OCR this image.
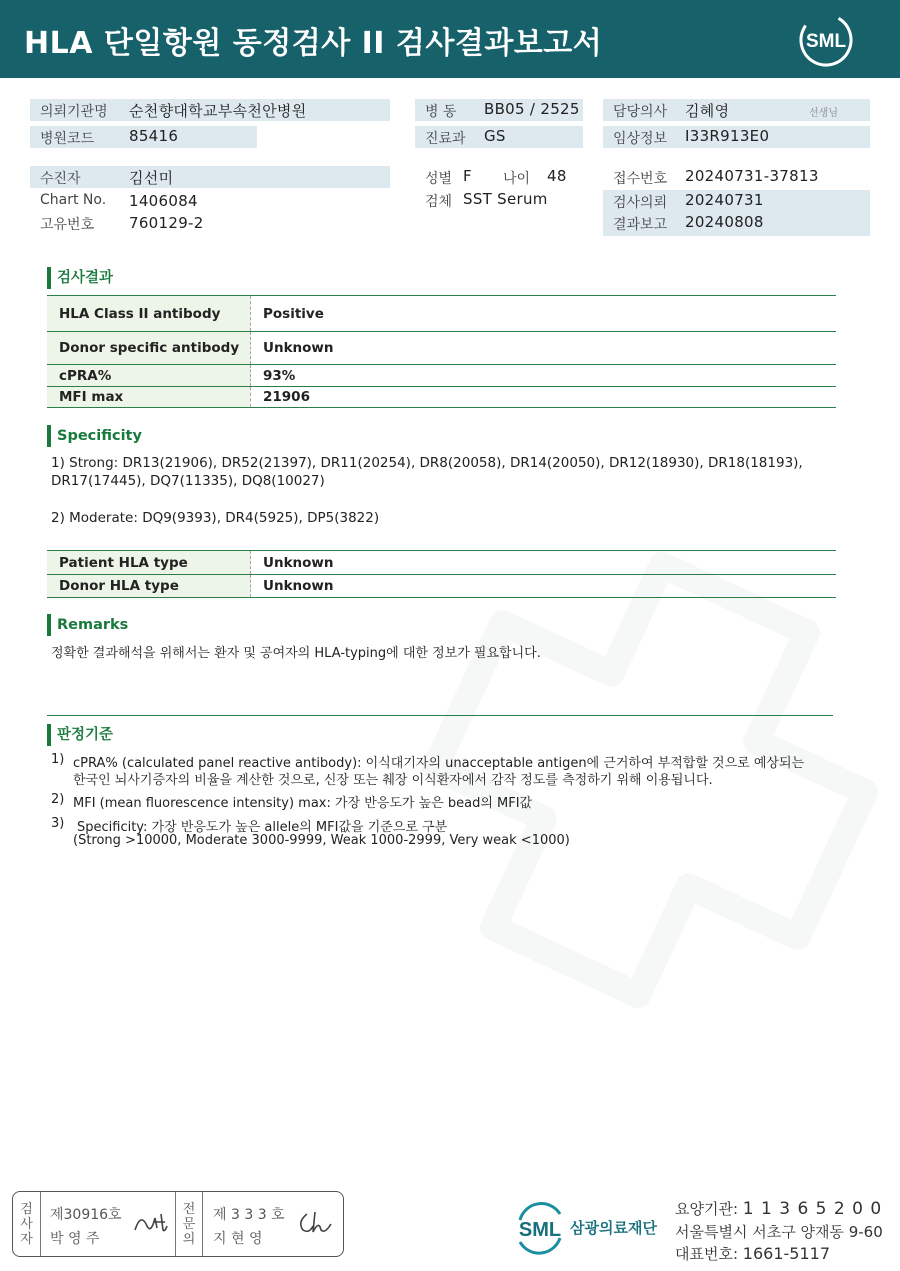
HLA 단일항원 동정검사 II 검사결과보고서	SML
의뢰기관명 순천향대학교부속천안병원
병원코드 85416
병 동 BB05 / 2525
진료과 GS
담당의사 김혜영	선생님
임상정보 I33R913E0
수진자	김선미
Chart No. 1406084
고유번호 760129-2
성별 F 나이 48
검체 SST Serum
접수번호 20240731-37813
검사의뢰 20240731
결과보고 20240808
검사결과
HLA Class II antibody	Positive
Donor specific antibody	Unknown
cPRA%	93%
MFI max	21906
Specificity
1) Strong: DR13(21906), DR52(21397), DR11(20254), DR8(20058), DR14(20050), DR12(18930), DR18(18193),
DR17(17445), DQ7(11335), DQ8(10027)
2) Moderate: DQ9(9393), DR4(5925), DP5(3822)
Patient HLA type	Unknown
Donor HLA type	Unknown
Remarks
정확한 결과해석을 위해서는 환자 및 공여자의 HLA-typing에 대한 정보가 필요합니다.
판정기준
1) cPRA% (calculated panel reactive antibody): 이식대기자의 unacceptable antigen에 근거하여 부적합할 것으로 예상되는
한국인 뇌사기증자의 비율을 계산한 것으로, 신장 또는 췌장 이식환자에서 감작 정도를 측정하기 위해 이용됩니다.
2) MFI (mean fluorescence intensity) max: 가장 반응도가 높은 bead의 MFI값
3) Specificity: 가장 반응도가 높은 allele의 MFI값을 기준으로 구분
(Strong >10000, Moderate 3000-9999, Weak 1000-2999, Very weak <1000)
검
사
자
제30916호
박 영 주
전
문
의
제 3 3 3 호
지 현 영	SML 삼광의료재단
요양기관: 1 1 3 6 5 2 0 0
서울특별시 서초구 양재동 9-60
대표번호: 1661-5117
